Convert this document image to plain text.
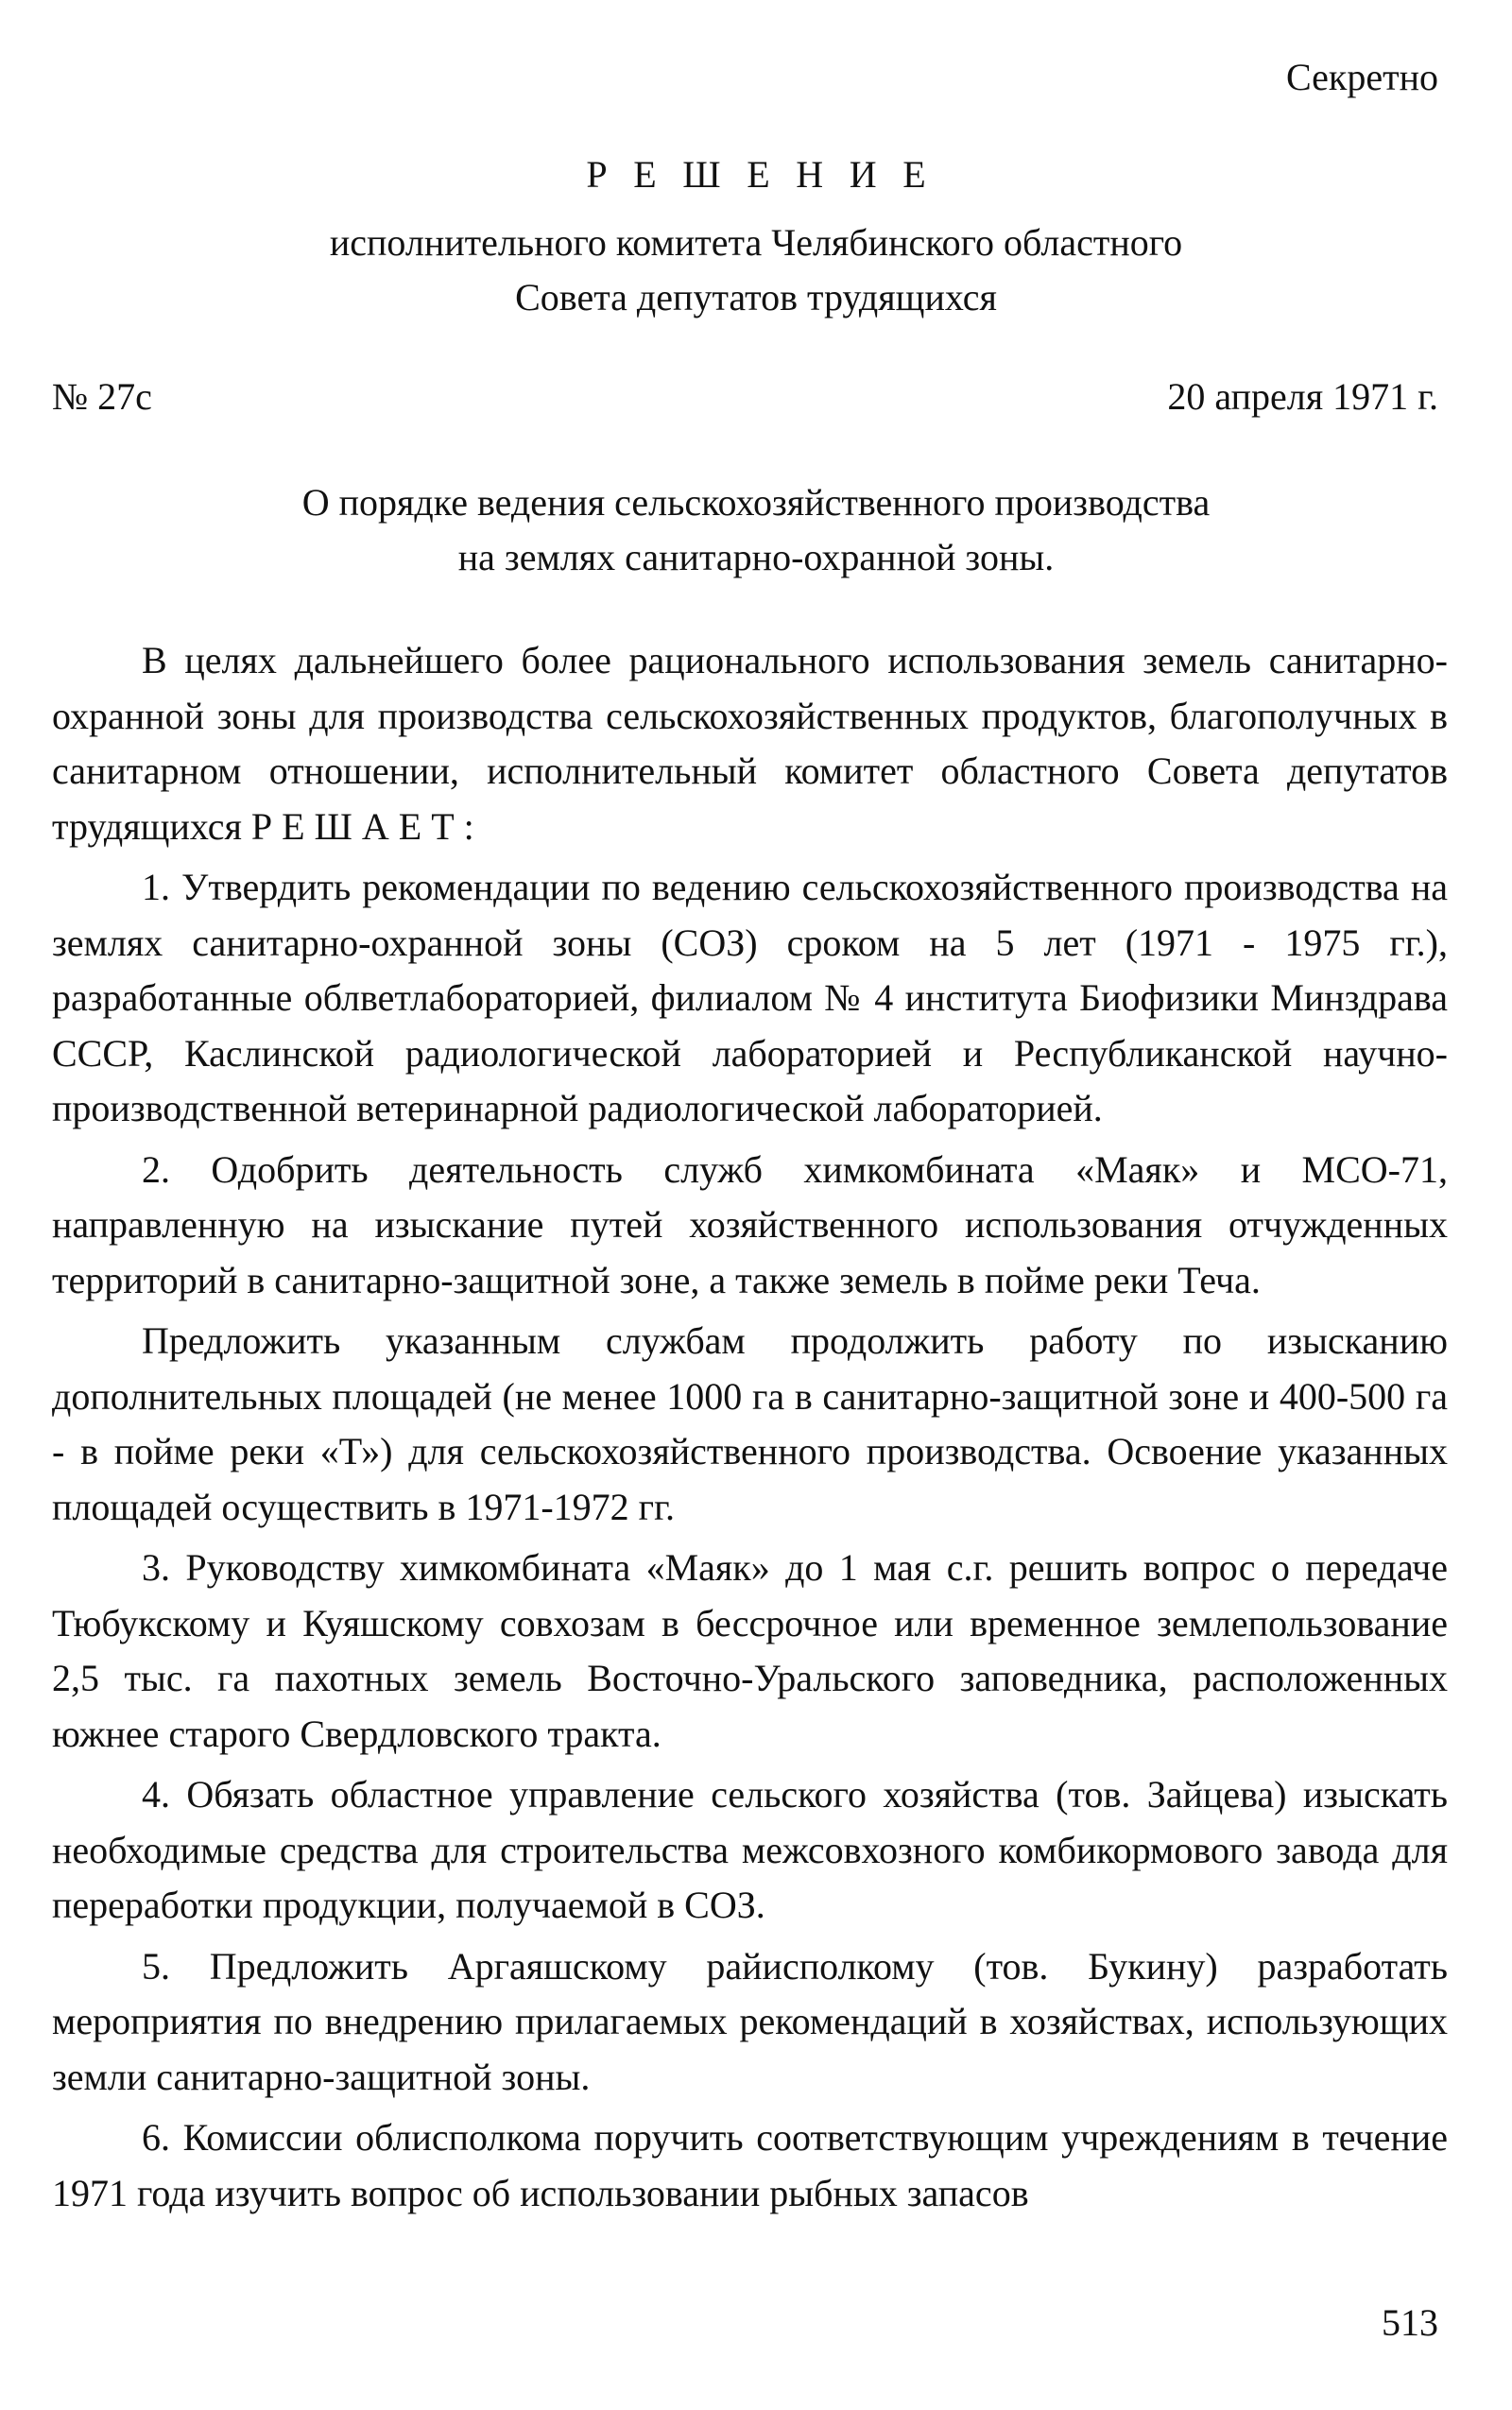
Секретно

Р Е Ш Е Н И Е
исполнительного комитета Челябинского областного
Совета депутатов трудящихся

№ 27с	20 апреля 1971 г.

О порядке ведения сельскохозяйственного производства
на землях санитарно-охранной зоны.

В целях дальнейшего более рационального использования земель санитарно-охранной зоны для производства сельскохозяйственных продуктов, благополучных в санитарном отношении, исполнительный комитет областного Совета депутатов трудящихся Р Е Ш А Е Т :

1. Утвердить рекомендации по ведению сельскохозяйственного производства на землях санитарно-охранной зоны (СОЗ) сроком на 5 лет (1971 - 1975 гг.), разработанные облветлабораторией, филиалом № 4 института Биофизики Минздрава СССР, Каслинской радиологической лабораторией и Республиканской научно-производственной ветеринарной радиологической лабораторией.

2. Одобрить деятельность служб химкомбината «Маяк» и МСО-71, направленную на изыскание путей хозяйственного использования отчужденных территорий в санитарно-защитной зоне, а также земель в пойме реки Теча.

Предложить указанным службам продолжить работу по изысканию дополнительных площадей (не менее 1000 га в санитарно-защитной зоне и 400-500 га - в пойме реки «Т») для сельскохозяйственного производства. Освоение указанных площадей осуществить в 1971-1972 гг.

3. Руководству химкомбината «Маяк» до 1 мая с.г. решить вопрос о передаче Тюбукскому и Куяшскому совхозам в бессрочное или временное землепользование 2,5 тыс. га пахотных земель Восточно-Уральского заповедника, расположенных южнее старого Свердловского тракта.

4. Обязать областное управление сельского хозяйства (тов. Зайцева) изыскать необходимые средства для строительства межсовхозного комбикормового завода для переработки продукции, получаемой в СОЗ.

5. Предложить Аргаяшскому райисполкому (тов. Букину) разработать мероприятия по внедрению прилагаемых рекомендаций в хозяйствах, использующих земли санитарно-защитной зоны.

6. Комиссии облисполкома поручить соответствующим учреждениям в течение 1971 года изучить вопрос об использовании рыбных запасов

513
